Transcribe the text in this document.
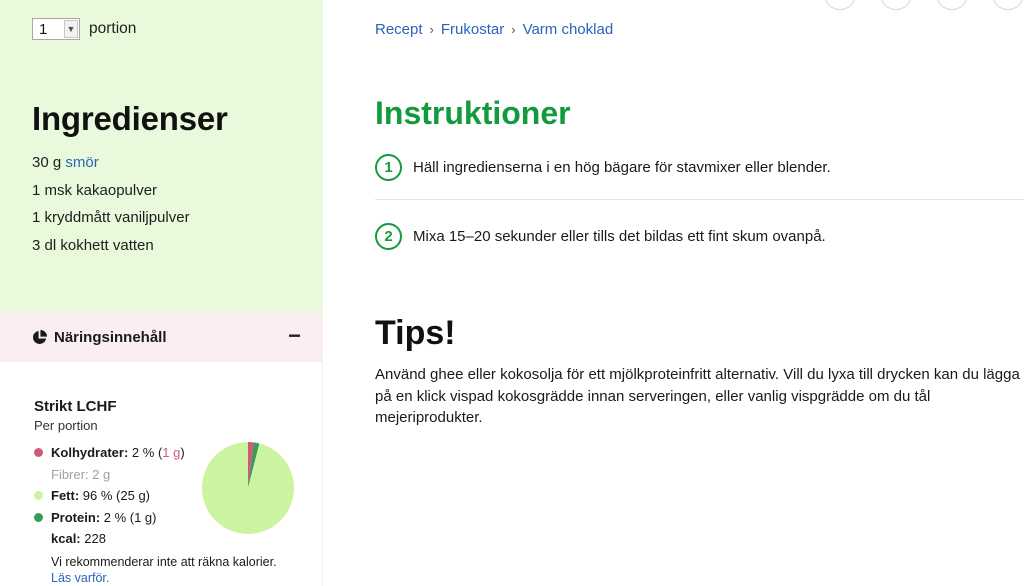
1 ▼ portion
Ingredienser
30 g smör
1 msk kakaopulver
1 kryddmått vaniljpulver
3 dl kokhett vatten
Näringsinnehåll	−
Strikt LCHF
Per portion
Kolhydrater:
2 % ( 1 g )
Fibrer: 2 g
Fett:
96 % (25 g)
Protein:
2 % (1 g)
kcal:
228
Vi rekommenderar inte att räkna kalorier.
Läs varför.
Recept › Frukostar › Varm choklad
Instruktioner
1	Häll ingredienserna i en hög bägare för stavmixer eller blender.
2	Mixa 15–20 sekunder eller tills det bildas ett fint skum ovanpå.
Tips!

Använd ghee eller kokosolja för ett mjölkproteinfritt alternativ. Vill du lyxa till drycken kan du lägga på en klick vispad kokosgrädde innan serveringen, eller vanlig vispgrädde om du tål mejeriprodukter.
